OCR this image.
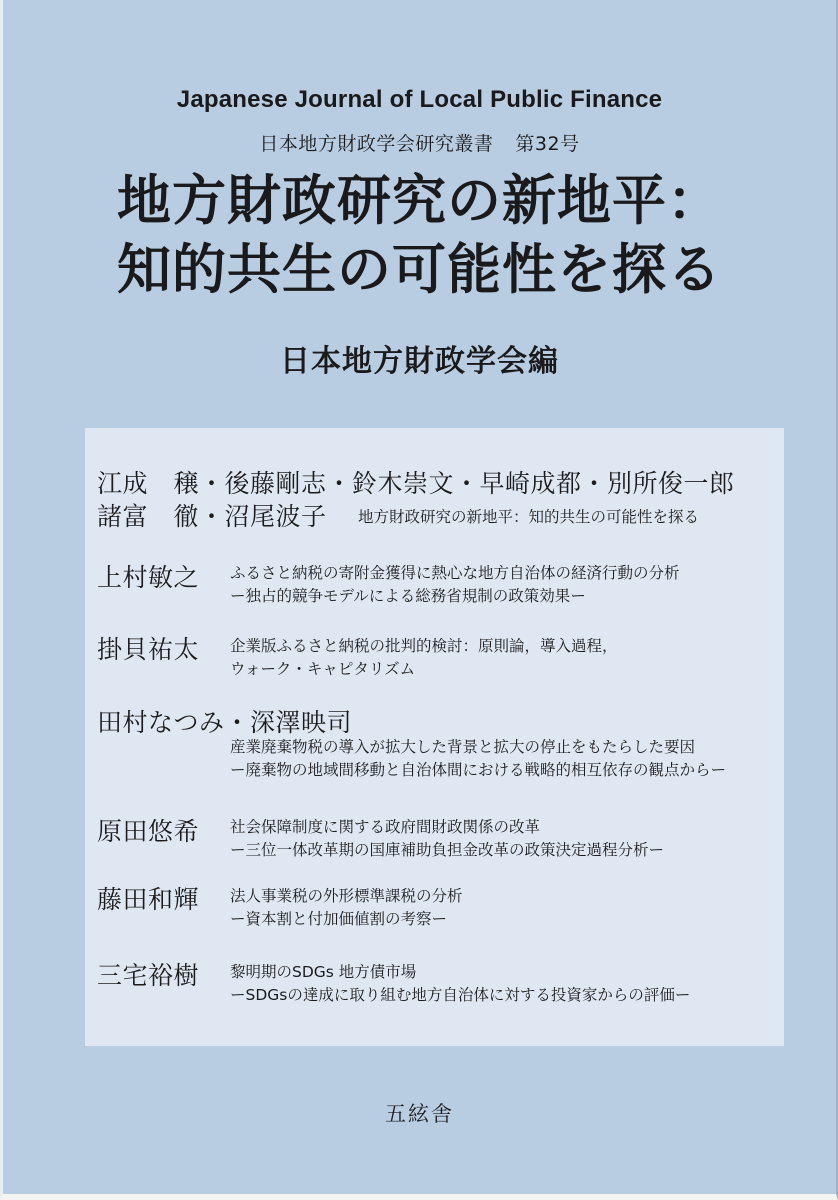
Japanese Journal of Local Public Finance
日本地方財政学会研究叢書 第32号
地方財政研究の新地平：
知的共生の可能性を探る
日本地方財政学会編
江成　穣・後藤剛志・鈴木崇文・早崎成都・別所俊一郎
諸富　徹・沼尾波子 地方財政研究の新地平：知的共生の可能性を探る
上村敏之 ふるさと納税の寄附金獲得に熱心な地方自治体の経済行動の分析
ー独占的競争モデルによる総務省規制の政策効果ー
掛貝祐太 企業版ふるさと納税の批判的検討：原則論，導入過程，
ウォーク・キャピタリズム
田村なつみ・深澤映司
産業廃棄物税の導入が拡大した背景と拡大の停止をもたらした要因
ー廃棄物の地域間移動と自治体間における戦略的相互依存の観点からー
原田悠希 社会保障制度に関する政府間財政関係の改革
ー三位一体改革期の国庫補助負担金改革の政策決定過程分析ー
藤田和輝 法人事業税の外形標準課税の分析
ー資本割と付加価値割の考察ー
三宅裕樹 黎明期のSDGs 地方債市場
ーSDGsの達成に取り組む地方自治体に対する投資家からの評価ー
五絃舎
